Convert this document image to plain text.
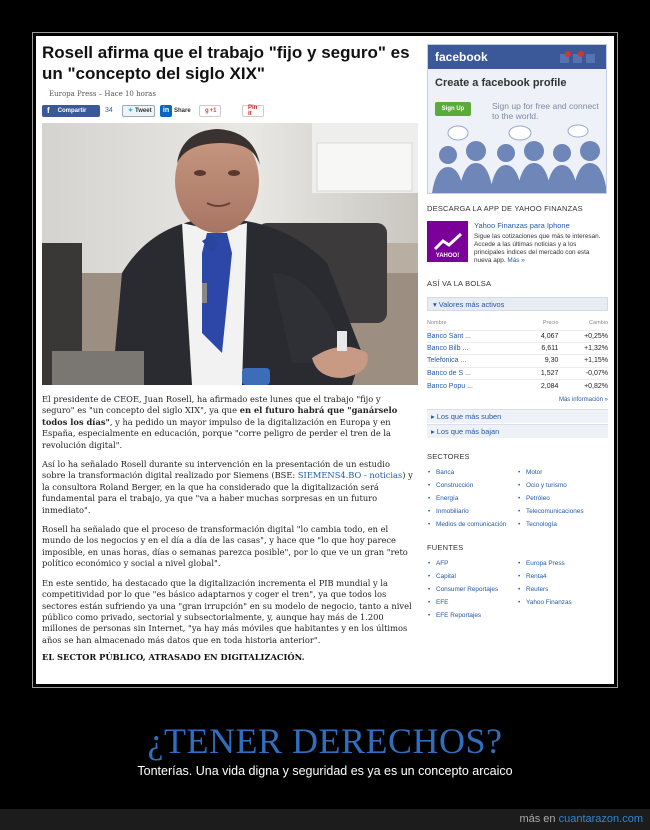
Rosell afirma que el trabajo "fijo y seguro" es un "concepto del siglo XIX"
Europa Press – Hace 10 horas
f Compartir	34	✦ Tweet	in Share g +1	Pin it

El presidente de CEOE, Juan Rosell, ha afirmado este lunes que el trabajo "fijo y seguro" es "un concepto del siglo XIX", ya que en el futuro habrá que "ganárselo todos los días", y ha pedido un mayor impulso de la digitalización en Europa y en España, especialmente en educación, porque "corre peligro de perder el tren de la revolución digital".

Así lo ha señalado Rosell durante su intervención en la presentación de un estudio sobre la transformación digital realizado por Siemens (BSE: SIEMENS4.BO - noticias) y la consultora Roland Berger, en la que ha considerado que la digitalización será fundamental para el trabajo, ya que "va a haber muchas sorpresas en un futuro inmediato".

Rosell ha señalado que el proceso de transformación digital "lo cambia todo, en el mundo de los negocios y en el día a día de las casas", y hace que "lo que hoy parece imposible, en unas horas, días o semanas parezca posible", por lo que ve un gran "reto político económico y social a nivel global".

En este sentido, ha destacado que la digitalización incrementa el PIB mundial y la competitividad por lo que "es básico adaptarnos y coger el tren", ya que todos los sectores están sufriendo ya una "gran irrupción" en su modelo de negocio, tanto a nivel público como privado, sectorial y subsectorialmente, y, aunque hay más de 1.200 millones de personas sin Internet, "ya hay más móviles que habitantes y en los últimos años se han almacenado más datos que en toda historia anterior".

EL SECTOR PÚBLICO, ATRASADO EN DIGITALIZACIÓN.
facebook
Create a facebook profile
Sign Up	Sign up for free and connect to the world.
DESCARGA LA APP DE YAHOO FINANZAS
YAHOO!
Yahoo Finanzas para Iphone
Sigue las cotizaciones que más te interesan. Accede a las últimas noticias y a los principales índices del mercado con esta nueva app. Más »
ASÍ VA LA BOLSA
▾ Valores más activos
Nombre	Precio	Cambio
Banco Sant ...	4,067	+0,25%
Banco Bilb ...	6,611	+1,32%
Telefonica ...	9,30	+1,15%
Banco de S ...	1,527	-0,07%
Banco Popu ...	2,084	+0,82%
Más información »
▸ Los que más suben
▸ Los que más bajan
SECTORES
• Banca	• Motor
• Construcción	• Ocio y turismo
• Energía	• Petróleo
• Inmobiliario	• Telecomunicaciones
• Medios de comunicación	• Tecnología
FUENTES
• AFP	• Europa Press
• Capital	• Renta4
• Consumer Reportajes	• Reuters
• EFE	• Yahoo Finanzas
• EFE Reportajes
¿TENER DERECHOS?
Tonterías. Una vida digna y seguridad es ya es un concepto arcaico
más en cuantarazon.com
